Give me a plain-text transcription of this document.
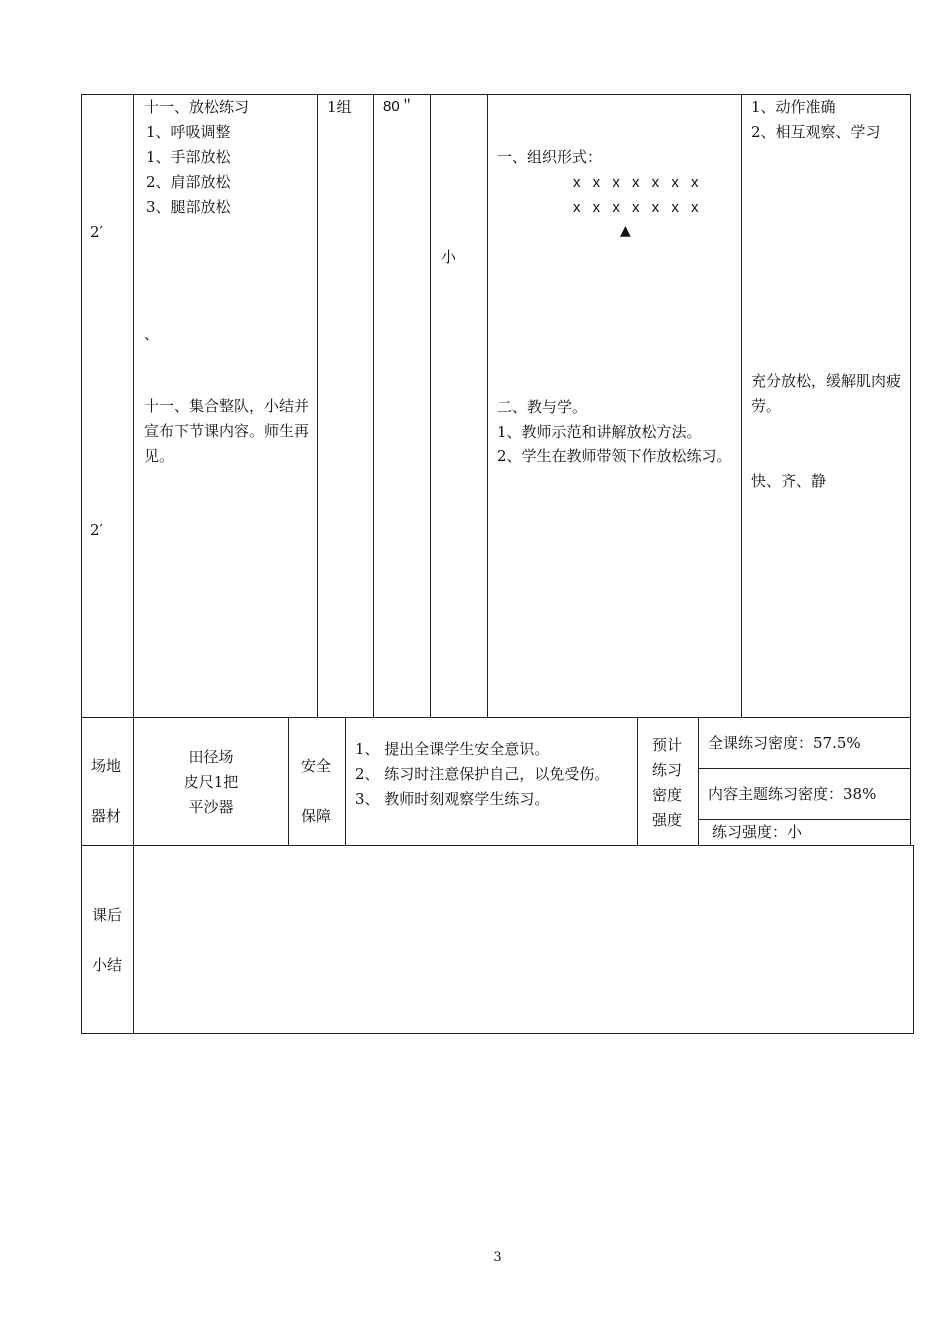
2′
2′
十一、放松练习
1、呼吸调整
1、手部放松
2、肩部放松
3、腿部放松
、
十一、集合整队，小结并宣布下节课内容。师生再见。
1组 80＂
小
一、组织形式：
x x x x x x x
x x x x x x x
▲
二、教与学。
1、教师示范和讲解放松方法。
2、学生在教师带领下作放松练习。
1、动作准确
2、相互观察、学习
充分放松，缓解肌肉疲劳。
快、齐、静
场地
器材
田径场
皮尺1把
平沙器
安全
保障
1、 提出全课学生安全意识。
2、 练习时注意保护自己，以免受伤。
3、 教师时刻观察学生练习。
预计
练习
密度
强度
全课练习密度：57.5%
内容主题练习密度：38%
练习强度：小
课后
小结
3
